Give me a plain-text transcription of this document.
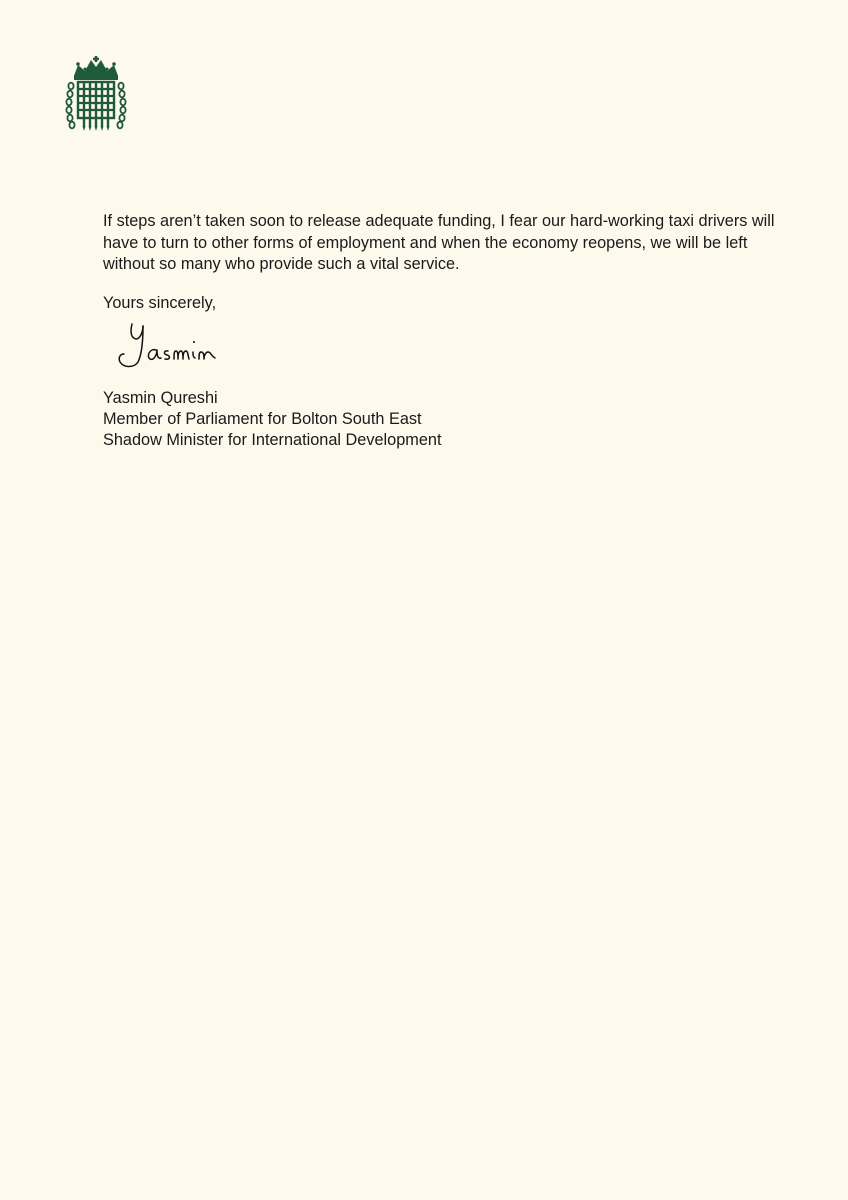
If steps aren’t taken soon to release adequate funding, I fear our hard-working taxi drivers will have to turn to other forms of employment and when the economy reopens, we will be left without so many who provide such a vital service.

Yours sincerely,

Yasmin Qureshi
Member of Parliament for Bolton South East
Shadow Minister for International Development
